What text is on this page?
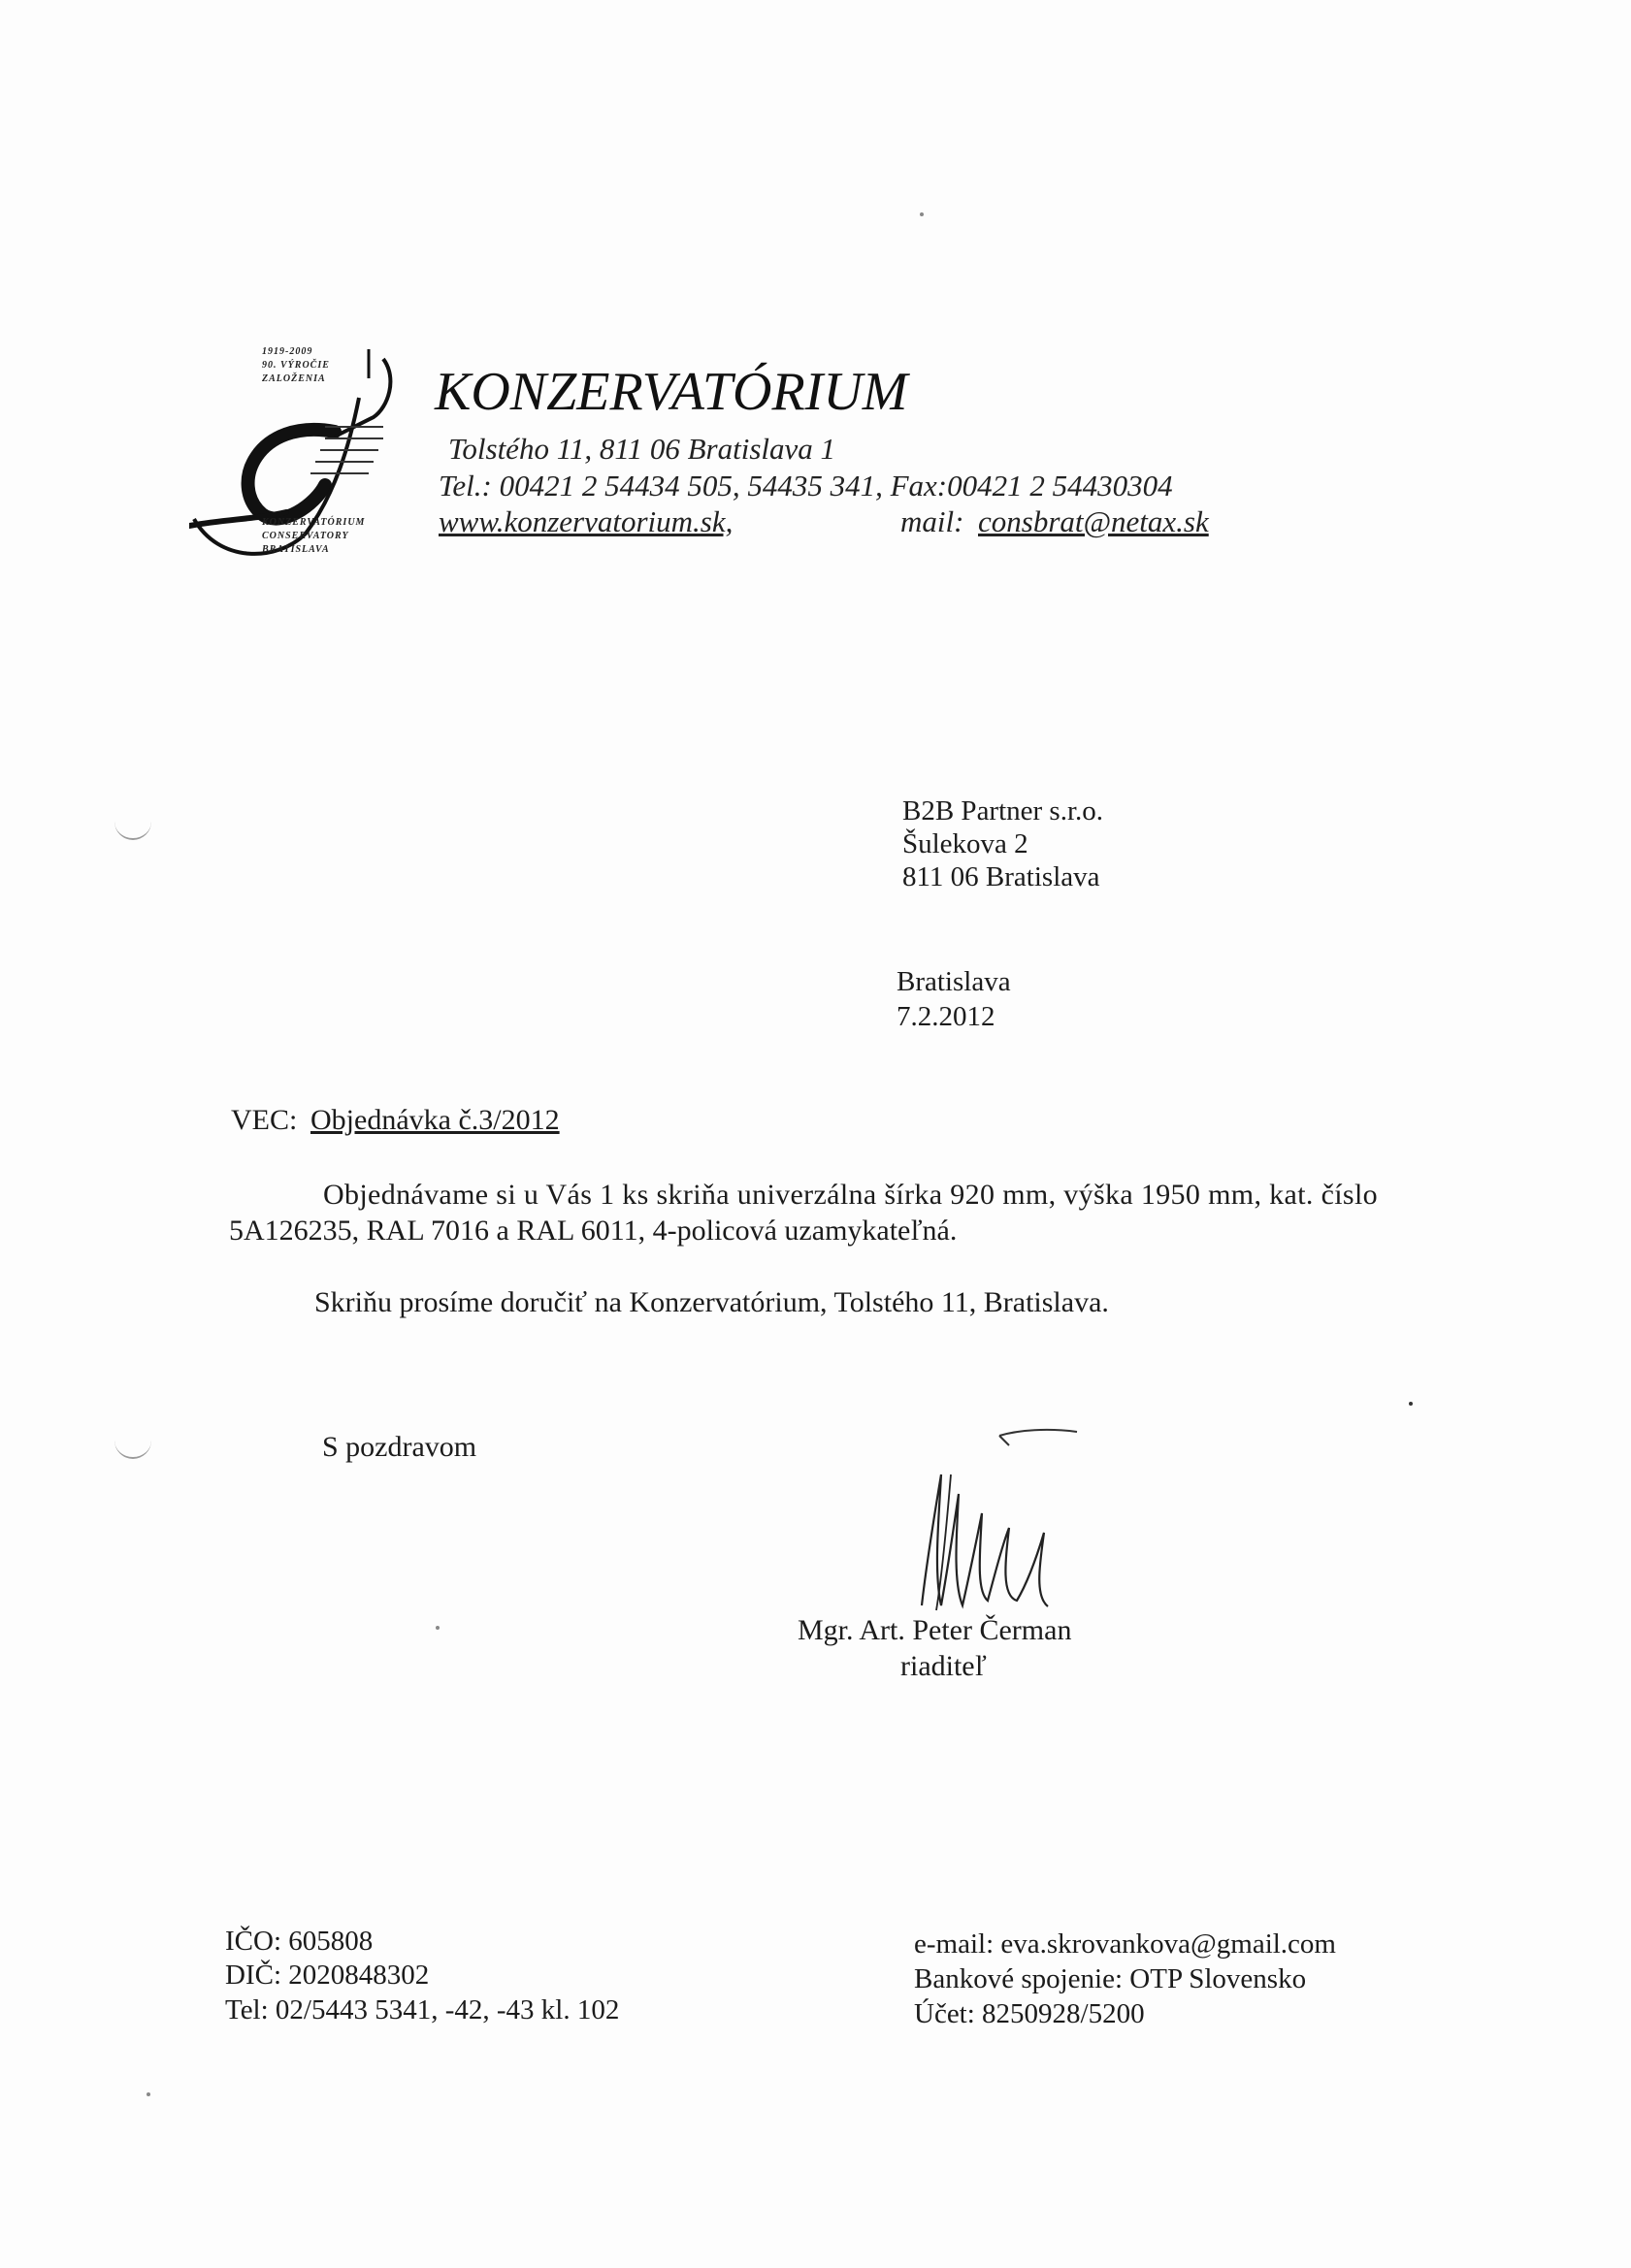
1919-2009
90. VÝROČIE
ZALOŽENIA
KONZERVATÓRIUM
CONSERVATORY
BRATISLAVA
KONZERVATÓRIUM
Tolstého 11, 811 06 Bratislava 1
Tel.: 00421 2 54434 505, 54435 341, Fax:00421 2 54430304
www.konzervatorium.sk,	mail: consbrat@netax.sk
B2B Partner s.r.o.
Šulekova 2
811 06 Bratislava
Bratislava
7.2.2012
VEC: Objednávka č.3/2012
Objednávame si u Vás 1 ks skriňa univerzálna šírka 920 mm, výška 1950 mm, kat. číslo
5A126235, RAL 7016 a RAL 6011, 4-policová uzamykateľná.
Skriňu prosíme doručiť na Konzervatórium, Tolstého 11, Bratislava.
S pozdravom
Mgr. Art. Peter Čerman
riaditeľ
IČO: 605808
DIČ: 2020848302
Tel: 02/5443 5341, -42, -43 kl. 102
e-mail: eva.skrovankova@gmail.com
Bankové spojenie: OTP Slovensko
Účet: 8250928/5200
